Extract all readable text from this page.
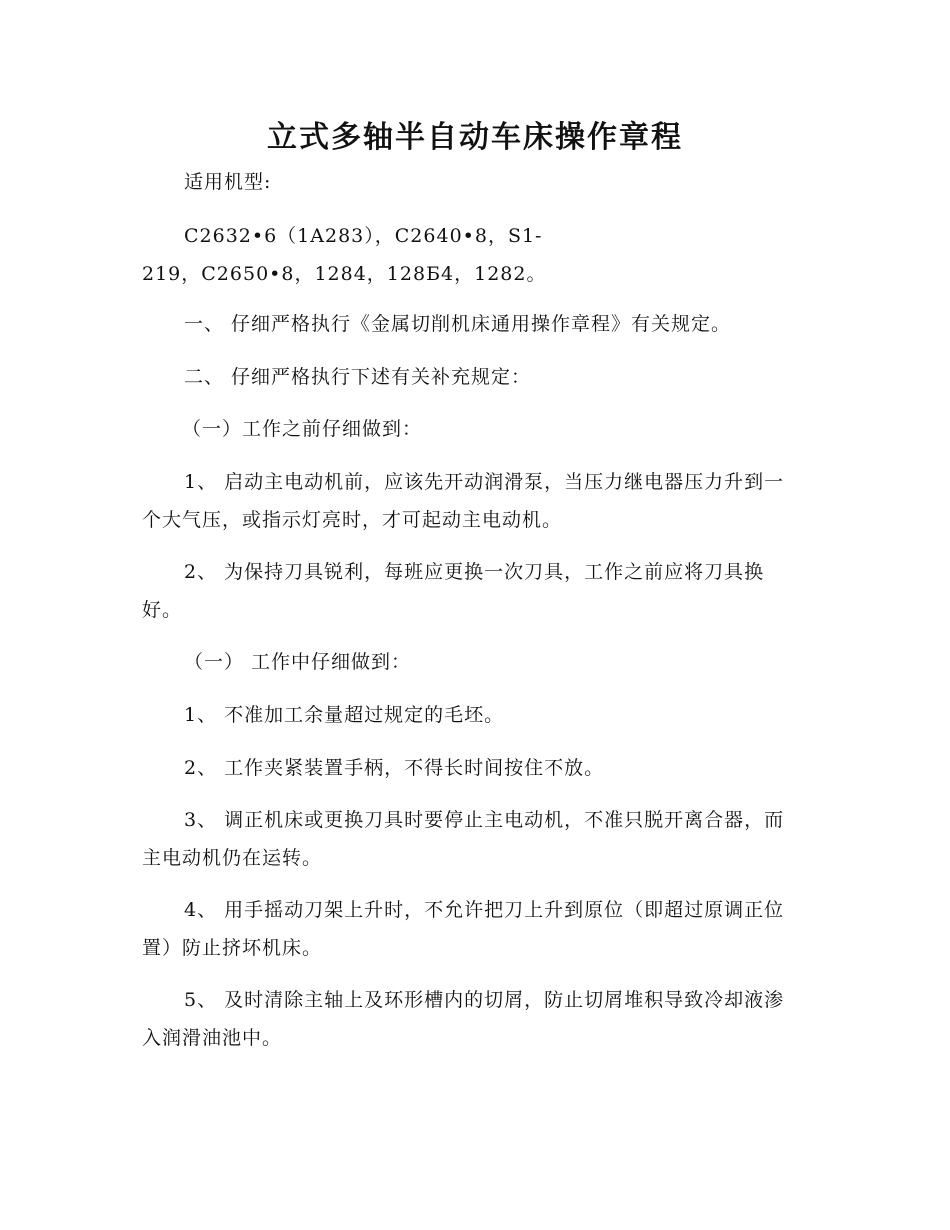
立式多轴半自动车床操作章程
适用机型:
C2632•6（1A283），C2640•8，S1-
219，C2650•8，1284，128Б4，1282。
一、 仔细严格执行《金属切削机床通用操作章程》有关规定。
二、 仔细严格执行下述有关补充规定：
（一）工作之前仔细做到：
1、 启动主电动机前，应该先开动润滑泵，当压力继电器压力升到一个大气压，或指示灯亮时，才可起动主电动机。
2、 为保持刀具锐利，每班应更换一次刀具，工作之前应将刀具换好。
（一） 工作中仔细做到：
1、 不准加工余量超过规定的毛坯。
2、 工作夹紧装置手柄，不得长时间按住不放。
3、 调正机床或更换刀具时要停止主电动机，不准只脱开离合器，而主电动机仍在运转。
4、 用手摇动刀架上升时，不允许把刀上升到原位（即超过原调正位置）防止挤坏机床。
5、 及时清除主轴上及环形槽内的切屑，防止切屑堆积导致冷却液渗入润滑油池中。
